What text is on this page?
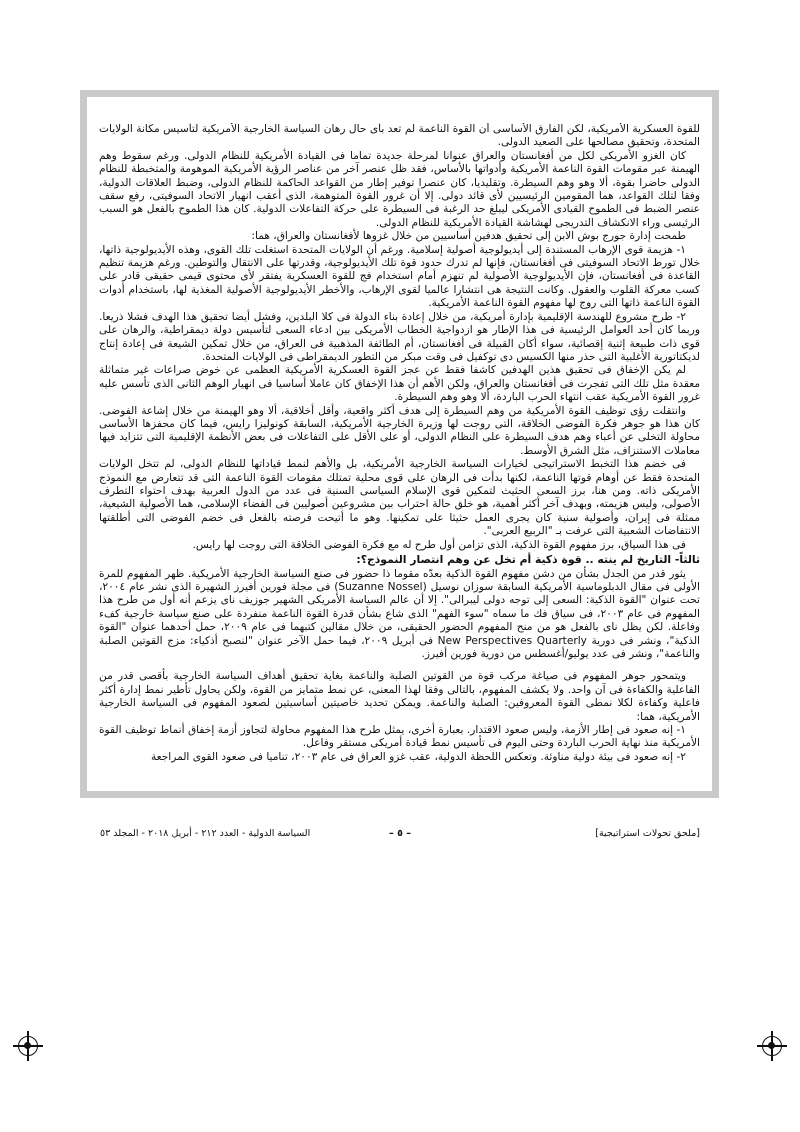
للقوة العسكرية الأمريكية، لكن الفارق الأساسى أن القوة الناعمة لم تعد بأى حال رهان السياسة الخارجية الأمريكية لتأسيس مكانة الولايات المتحدة، وتحقيق مصالحها على الصعيد الدولى.

كان الغزو الأمريكى لكل من أفغانستان والعراق عنوانا لمرحلة جديدة تماما فى القيادة الأمريكية للنظام الدولى. ورغم سقوط وهم الهيمنة عبر مقومات القوة الناعمة الأمريكية وأدواتها بالأساس، فقد ظل عنصر آخر من عناصر الرؤية الأمريكية الموهومة والمتخبطة للنظام الدولى حاضرا بقوة، ألا وهو وهم السيطرة. وتقليديا، كان عنصرا توفير إطار من القواعد الحاكمة للنظام الدولى، وضبط العلاقات الدولية، وفقا لتلك القواعد، هما المقومين الرئيسيين لأى قائد دولى. إلا أن غرور القوة المتوهمة، الذى أعقب انهيار الاتحاد السوفيتى، رفع سقف عنصر الضبط فى الطموح القيادى الأمريكى ليبلغ حد الرغبة فى السيطرة على حركة التفاعلات الدولية. كان هذا الطموح بالفعل هو السبب الرئيسى وراء الانكشاف التدريجى لهشاشة القيادة الأمريكية للنظام الدولى.

طمحت إدارة جورج بوش الابن إلى تحقيق هدفين أساسيين من خلال غزوها لأفغانستان والعراق، هما:

١- هزيمة قوى الإرهاب المستندة إلى أيديولوجية أصولية إسلامية. ورغم أن الولايات المتحدة استغلت تلك القوى، وهذه الأيديولوجية ذاتها، خلال تورط الاتحاد السوفيتى فى أفغانستان، فإنها لم تدرك حدود قوة تلك الأيديولوجية، وقدرتها على الانتقال والتوطين. ورغم هزيمة تنظيم القاعدة فى أفغانستان، فإن الأيديولوجية الأصولية لم تنهزم أمام استخدام فج للقوة العسكرية يفتقر لأى محتوى قيمى حقيقى قادر على كسب معركة القلوب والعقول. وكانت النتيجة هى انتشارا عالميا لقوى الإرهاب، والأخطر الأيديولوجية الأصولية المغذية لها، باستخدام أدوات القوة الناعمة ذاتها التى روج لها مفهوم القوة الناعمة الأمريكية.

٢- طرح مشروع للهندسة الإقليمية بإدارة أمريكية، من خلال إعادة بناء الدولة فى كلا البلدين، وفشل أيضا تحقيق هذا الهدف فشلا ذريعا. وربما كان أحد العوامل الرئيسية فى هذا الإطار هو ازدواجية الخطاب الأمريكى بين ادعاء السعى لتأسيس دولة ديمقراطية، والرهان على قوى ذات طبيعة إثنية إقصائية، سواء أكان القبيلة فى أفغانستان، أم الطائفة المذهبية فى العراق، من خلال تمكين الشيعة فى إعادة إنتاج لديكتاتورية الأغلبية التى حذر منها الكسيس دى توكفيل فى وقت مبكر من التطور الديمقراطى فى الولايات المتحدة.

لم يكن الإخفاق فى تحقيق هذين الهدفين كاشفا فقط عن عجز القوة العسكرية الأمريكية العظمى عن خوض صراعات غير متماثلة معقدة مثل تلك التى تفجرت فى أفغانستان والعراق، ولكن الأهم أن هذا الإخفاق كان عاملا أساسيا فى انهيار الوهم الثانى الذى تأسس عليه غرور القوة الأمريكية عقب انتهاء الحرب الباردة، ألا وهو وهم السيطرة.

وانتقلت رؤى توظيف القوة الأمريكية من وهم السيطرة إلى هدف أكثر واقعية، وأقل أخلاقية، ألا وهو الهيمنة من خلال إشاعة الفوضى. كان هذا هو جوهر فكرة الفوضى الخلاقة، التى روجت لها وزيرة الخارجية الأمريكية، السابقة كونوليزا رايس، فيما كان محفزها الأساسى محاولة التخلى عن أعباء وهم هدف السيطرة على النظام الدولى، أو على الأقل على التفاعلات فى بعض الأنظمة الإقليمية التى تتزايد فيها معاملات الاستنزاف، مثل الشرق الأوسط.

فى خضم هذا التخبط الاستراتيجى لخيارات السياسة الخارجية الأمريكية، بل والأهم لنمط قياداتها للنظام الدولى، لم تتخل الولايات المتحدة فقط عن أوهام قوتها الناعمة، لكنها بدأت فى الرهان على قوى محلية تمتلك مقومات القوة الناعمة التى قد تتعارض مع النموذج الأمريكى ذاته. ومن هنا، برز السعى الحثيث لتمكين قوى الإسلام السياسى السنية فى عدد من الدول العربية بهدف احتواء التطرف الأصولى، وليس هزيمته، وبهدف آخر أكثر أهمية، هو خلق حالة احتراب بين مشروعين أصوليين فى الفضاء الإسلامى، هما الأصولية الشيعية، ممثلة فى إيران، وأصولية سنية كان يجرى العمل حثيثا على تمكينها. وهو ما أتيحت فرصته بالفعل فى خضم الفوضى التى أطلقتها الانتفاضات الشعبية التى عرفت بـ "الربيع العربى".

فى هذا السياق، برز مفهوم القوة الذكية، الذى تزامن أول طرح له مع فكرة الفوضى الخلاقة التى روجت لها رايس.

ثالثاً- التاريخ لم ينته .. قوة ذكية أم تخل عن وهم انتصار النموذج؟:

يثور قدر من الجدل بشأن من دشن مفهوم القوة الذكية بعدّه مقوما ذا حضور فى صنع السياسة الخارجية الأمريكية. ظهر المفهوم للمرة الأولى فى مقال الدبلوماسية الأمريكية السابقة سوزان نوسيل (Suzanne Nossel) فى مجلة فورين أفيرز الشهيرة الذى نشر عام ٢٠٠٤، تحت عنوان "القوة الذكية: السعى إلى توجه دولى ليبرالى". إلا أن عالم السياسة الأمريكى الشهير جوزيف ناى يزعم أنه أول من طرح هذا المفهوم فى عام ٢٠٠٣، فى سياق فك ما سماه "سوء الفهم" الذى شاع بشأن قدرة القوة الناعمة منفردة على صنع سياسة خارجية كفء وفاعلة. لكن يظل ناى بالفعل هو من منح المفهوم الحضور الحقيقى، من خلال مقالين كتبهما فى عام ٢٠٠٩، حمل أحدهما عنوان "القوة الذكية"، ونشر فى دورية New Perspectives Quarterly فى أبريل ٢٠٠٩، فيما حمل الآخر عنوان "لنصبح أذكياء: مزج القوتين الصلبة والناعمة"، ونشر فى عدد يوليو/أغسطس من دورية فورين أفيرز.

ويتمحور جوهر المفهوم فى صياغة مركب قوة من القوتين الصلبة والناعمة بغاية تحقيق أهداف السياسة الخارجية بأقصى قدر من الفاعلية والكفاءة فى آن واحد. ولا يكشف المفهوم، بالتالى وفقا لهذا المعنى، عن نمط متمايز من القوة، ولكن يحاول تأطير نمط إدارة أكثر فاعلية وكفاءة لكلا نمطى القوة المعروفين: الصلبة والناعمة. ويمكن تحديد خاصيتين أساسيتين لصعود المفهوم فى السياسة الخارجية الأمريكية، هما:

١- إنه صعود فى إطار الأزمة، وليس صعود الاقتدار. بعبارة أخرى، يمثل طرح هذا المفهوم محاولة لتجاوز أزمة إخفاق أنماط توظيف القوة الأمريكية منذ نهاية الحرب الباردة وحتى اليوم فى تأسيس نمط قيادة أمريكى مستقر وفاعل.

٢- إنه صعود فى بيئة دولية مناوئة. وتعكس اللحظة الدولية، عقب غزو العراق فى عام ٢٠٠٣، تناميا فى صعود القوى المراجعة

[ملحق تحولات استراتيجية]
– ٥ –
السياسة الدولية - العدد ٢١٢ - أبريل ٢٠١٨ - المجلد ٥٣
